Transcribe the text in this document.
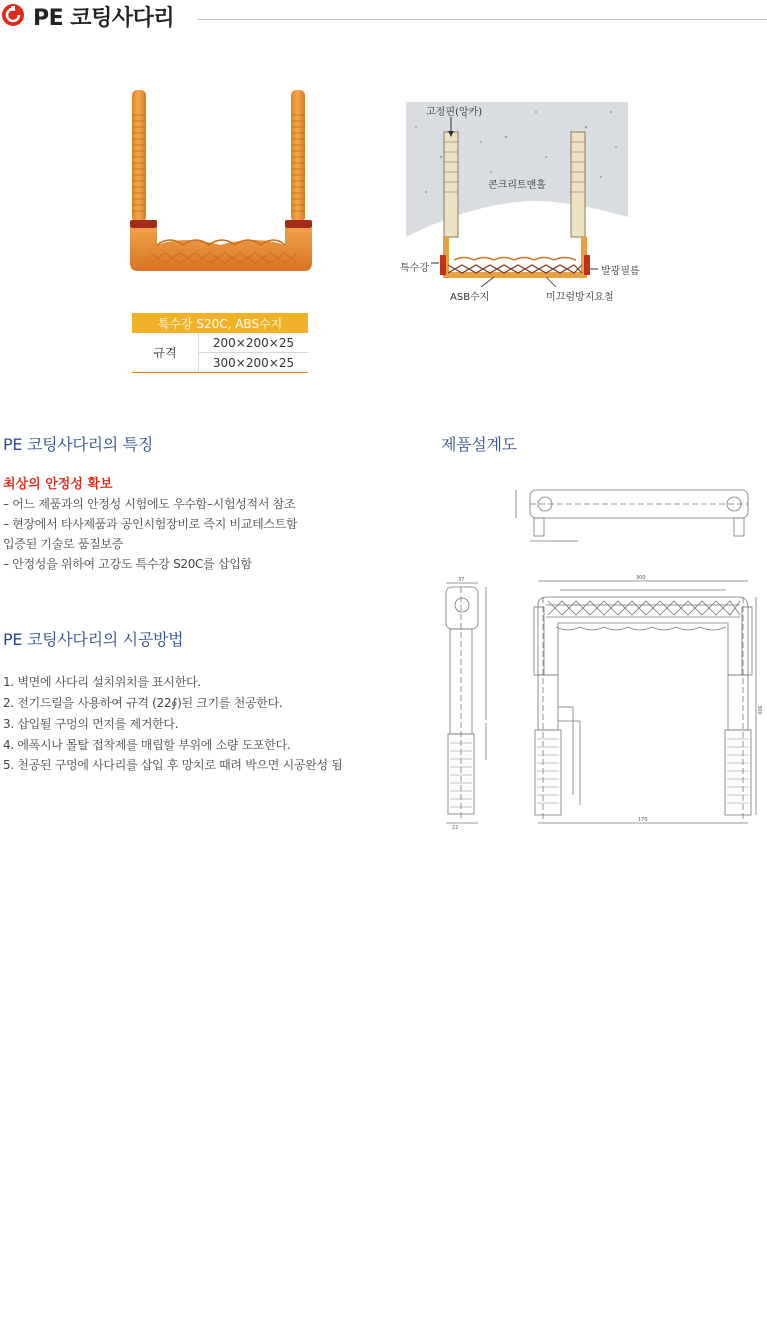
PE 코팅사다리
고정핀(앙카)
콘크리트맨홀
특수강	발광필름
ASB수지	미끄럼방지요철
특수강 S20C, ABS수지
규격	200×200×25
300×200×25
PE 코팅사다리의 특징
최상의 안정성 확보
– 어느 제품과의 안정성 시험에도 우수함–시험성적서 참조
– 현장에서 타사제품과 공인시험장비로 즉지 비교테스트함
입증된 기술로 품질보증
– 안정성을 위하여 고강도 특수강 S20C를 삽입함
PE 코팅사다리의 시공방법
1. 벽면에 사다리 설치위치를 표시한다.
2. 전기드릴을 사용하여 규격 (22∮)된 크기를 천공한다.
3. 삽입될 구멍의 먼지를 제거한다.
4. 에폭시나 몰탈 접착제를 매립할 부위에 소량 도포한다.
5. 천공된 구멍에 사다리를 삽입 후 망치로 때려 박으면 시공완성 됨
제품설계도
300
170
300
37
22
